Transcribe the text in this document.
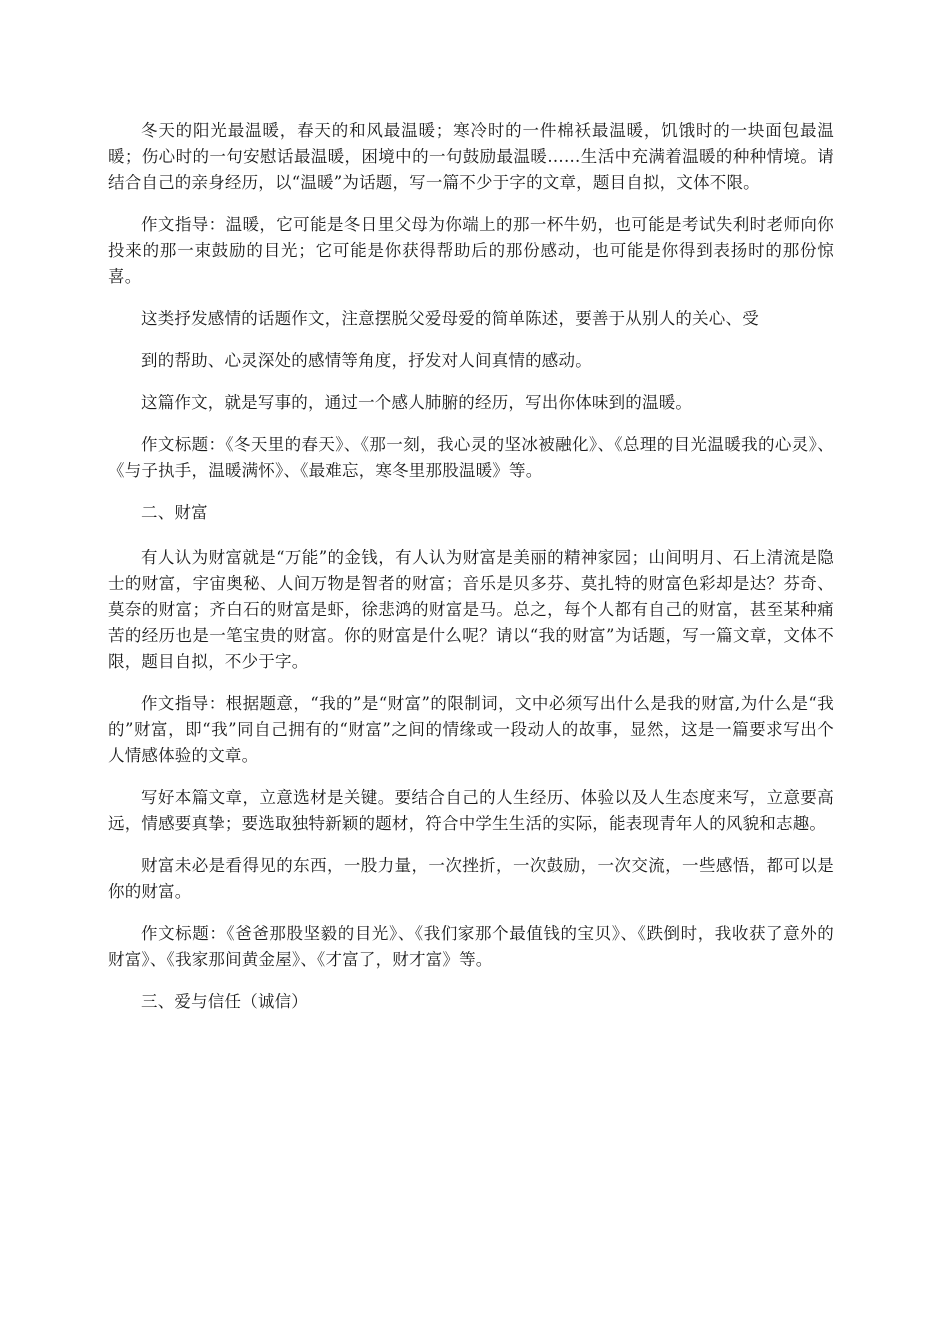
冬天的阳光最温暖，春天的和风最温暖；寒冷时的一件棉袄最温暖，饥饿时的一块面包最温暖；伤心时的一句安慰话最温暖，困境中的一句鼓励最温暖……生活中充满着温暖的种种情境。请结合自己的亲身经历，以“温暖”为话题，写一篇不少于字的文章，题目自拟，文体不限。

作文指导：温暖，它可能是冬日里父母为你端上的那一杯牛奶，也可能是考试失利时老师向你投来的那一束鼓励的目光；它可能是你获得帮助后的那份感动，也可能是你得到表扬时的那份惊喜。

这类抒发感情的话题作文，注意摆脱父爱母爱的简单陈述，要善于从别人的关心、受

到的帮助、心灵深处的感情等角度，抒发对人间真情的感动。

这篇作文，就是写事的，通过一个感人肺腑的经历，写出你体味到的温暖。

作文标题：《冬天里的春天》、《那一刻，我心灵的坚冰被融化》、《总理的目光温暖我的心灵》、《与子执手，温暖满怀》、《最难忘，寒冬里那股温暖》等。

二、财富

有人认为财富就是“万能”的金钱，有人认为财富是美丽的精神家园；山间明月、石上清流是隐士的财富，宇宙奥秘、人间万物是智者的财富；音乐是贝多芬、莫扎特的财富色彩却是达？芬奇、莫奈的财富；齐白石的财富是虾，徐悲鸿的财富是马。总之，每个人都有自己的财富，甚至某种痛苦的经历也是一笔宝贵的财富。你的财富是什么呢？请以“我的财富”为话题，写一篇文章，文体不限，题目自拟，不少于字。

作文指导：根据题意，“我的”是“财富”的限制词，文中必须写出什么是我的财富,为什么是“我的”财富，即“我”同自己拥有的“财富”之间的情缘或一段动人的故事，显然，这是一篇要求写出个人情感体验的文章。

写好本篇文章，立意选材是关键。要结合自己的人生经历、体验以及人生态度来写，立意要高远，情感要真挚；要选取独特新颖的题材，符合中学生生活的实际，能表现青年人的风貌和志趣。

财富未必是看得见的东西，一股力量，一次挫折，一次鼓励，一次交流，一些感悟，都可以是你的财富。

作文标题：《爸爸那股坚毅的目光》、《我们家那个最值钱的宝贝》、《跌倒时，我收获了意外的财富》、《我家那间黄金屋》、《才富了，财才富》等。

三、爱与信任（诚信）
